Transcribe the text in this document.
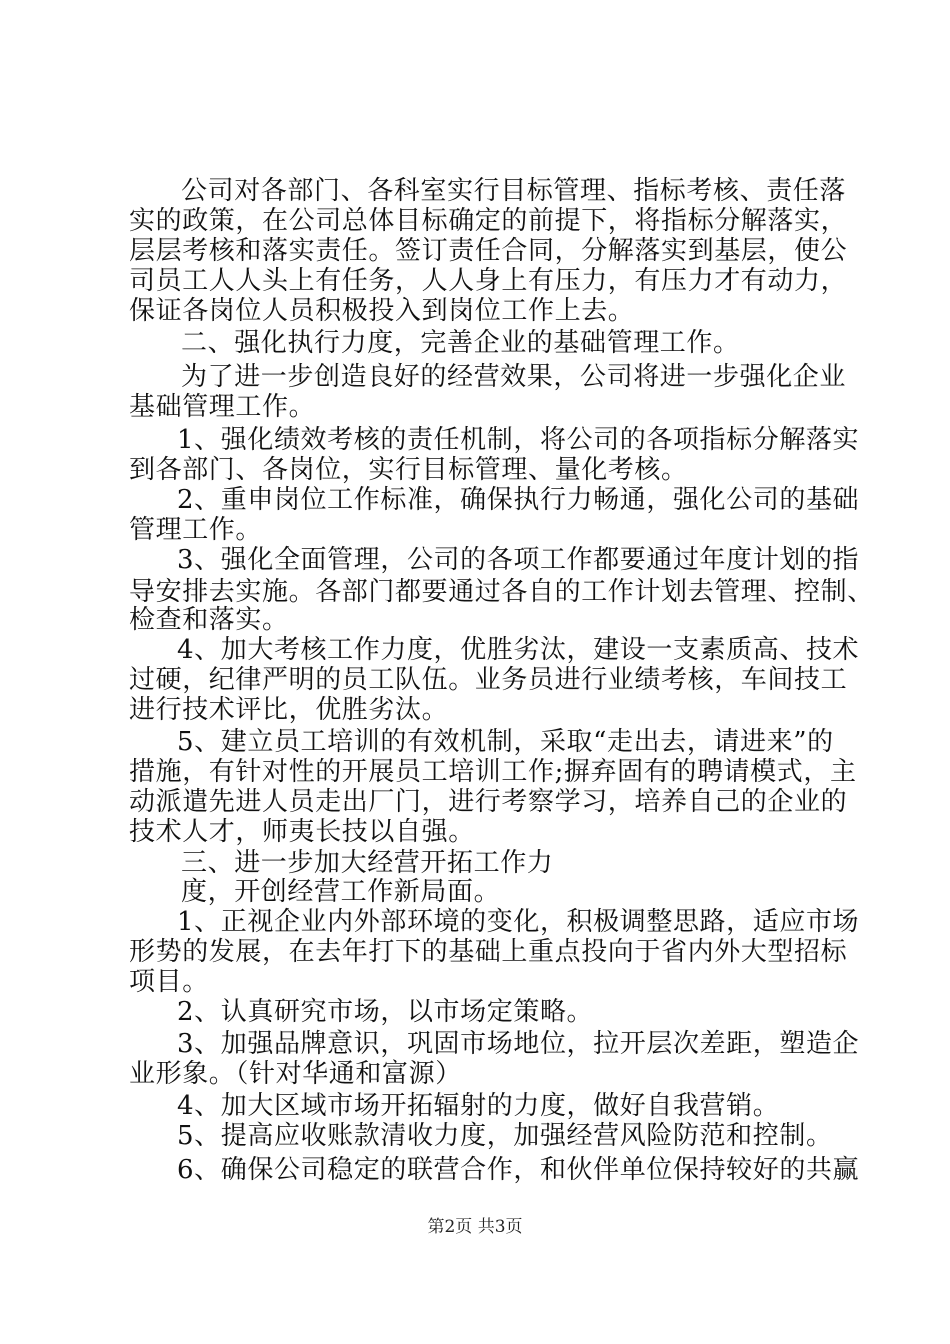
公司对各部门、各科室实行目标管理、指标考核、责任落
实的政策，在公司总体目标确定的前提下，将指标分解落实，
层层考核和落实责任。签订责任合同，分解落实到基层，使公
司员工人人头上有任务，人人身上有压力，有压力才有动力，
保证各岗位人员积极投入到岗位工作上去。
二、强化执行力度，完善企业的基础管理工作。
为了进一步创造良好的经营效果，公司将进一步强化企业
基础管理工作。
1、强化绩效考核的责任机制，将公司的各项指标分解落实
到各部门、各岗位，实行目标管理、量化考核。
2、重申岗位工作标准，确保执行力畅通，强化公司的基础
管理工作。
3、强化全面管理，公司的各项工作都要通过年度计划的指
导安排去实施。各部门都要通过各自的工作计划去管理、控制、
检查和落实。
4、加大考核工作力度，优胜劣汰，建设一支素质高、技术
过硬，纪律严明的员工队伍。业务员进行业绩考核，车间技工
进行技术评比，优胜劣汰。
5、建立员工培训的有效机制，采取“走出去，请进来”的
措施，有针对性的开展员工培训工作;摒弃固有的聘请模式，主
动派遣先进人员走出厂门，进行考察学习，培养自己的企业的
技术人才，师夷长技以自强。
三、进一步加大经营开拓工作力
度，开创经营工作新局面。
1、正视企业内外部环境的变化，积极调整思路，适应市场
形势的发展，在去年打下的基础上重点投向于省内外大型招标
项目。
2、认真研究市场，以市场定策略。
3、加强品牌意识，巩固市场地位，拉开层次差距，塑造企
业形象。（针对华通和富源）
4、加大区域市场开拓辐射的力度，做好自我营销。
5、提高应收账款清收力度，加强经营风险防范和控制。
6、确保公司稳定的联营合作，和伙伴单位保持较好的共赢
第2页 共3页
